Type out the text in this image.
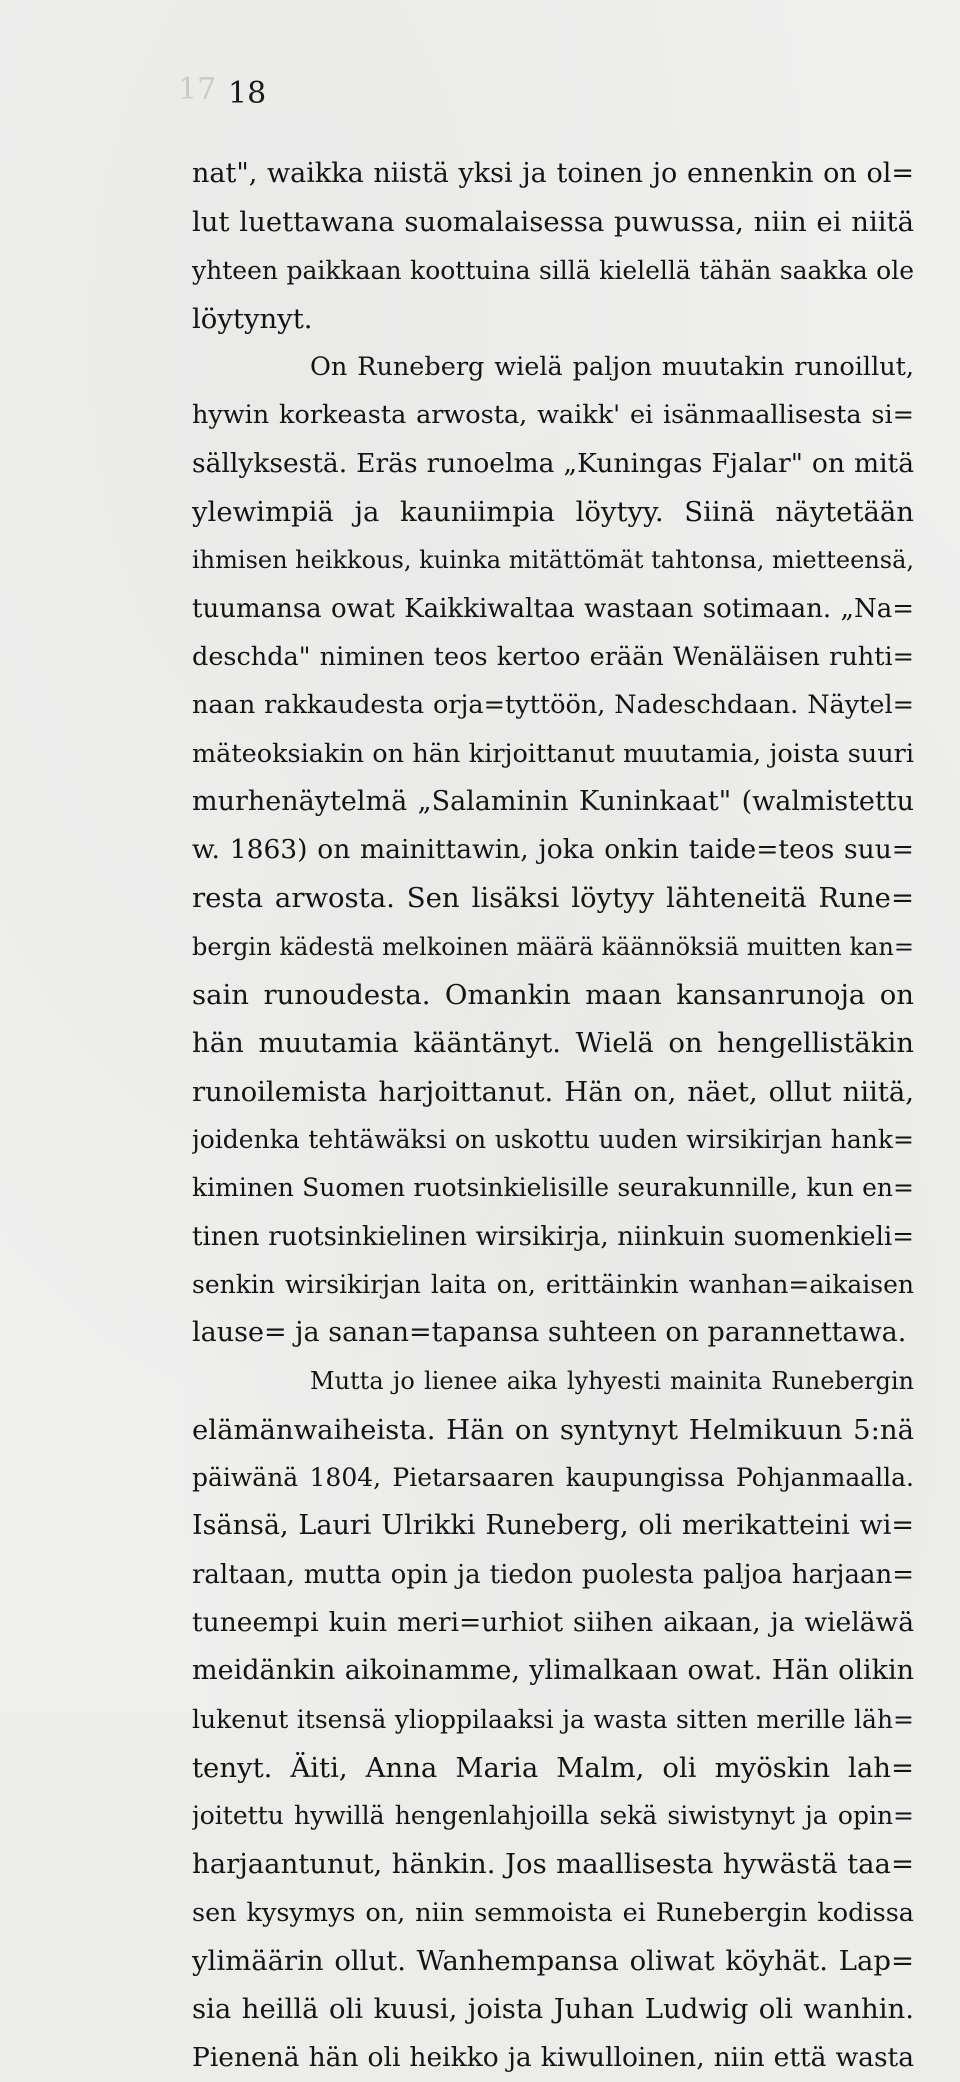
17 18
nat", waikka niistä yksi ja toinen jo ennenkin on ol=
lut luettawana suomalaisessa puwussa, niin ei niitä
yhteen paikkaan koottuina sillä kielellä tähän saakka ole
löytynyt.
On Runeberg wielä paljon muutakin runoillut,
hywin korkeasta arwosta, waikk' ei isänmaallisesta si=
sällyksestä. Eräs runoelma „Kuningas Fjalar" on mitä
ylewimpiä ja kauniimpia löytyy. Siinä näytetään
ihmisen heikkous, kuinka mitättömät tahtonsa, mietteensä,
tuumansa owat Kaikkiwaltaa wastaan sotimaan. „Na=
deschda" niminen teos kertoo erään Wenäläisen ruhti=
naan rakkaudesta orja=tyttöön, Nadeschdaan. Näytel=
mäteoksiakin on hän kirjoittanut muutamia, joista suuri
murhenäytelmä „Salaminin Kuninkaat" (walmistettu
w. 1863) on mainittawin, joka onkin taide=teos suu=
resta arwosta. Sen lisäksi löytyy lähteneitä Rune=
bergin kädestä melkoinen määrä käännöksiä muitten kan=
sain runoudesta. Omankin maan kansanrunoja on
hän muutamia kääntänyt. Wielä on hengellistäkin
runoilemista harjoittanut. Hän on, näet, ollut niitä,
joidenka tehtäwäksi on uskottu uuden wirsikirjan hank=
kiminen Suomen ruotsinkielisille seurakunnille, kun en=
tinen ruotsinkielinen wirsikirja, niinkuin suomenkieli=
senkin wirsikirjan laita on, erittäinkin wanhan=aikaisen
lause= ja sanan=tapansa suhteen on parannettawa.
Mutta jo lienee aika lyhyesti mainita Runebergin
elämänwaiheista. Hän on syntynyt Helmikuun 5:nä
päiwänä 1804, Pietarsaaren kaupungissa Pohjanmaalla.
Isänsä, Lauri Ulrikki Runeberg, oli merikatteini wi=
raltaan, mutta opin ja tiedon puolesta paljoa harjaan=
tuneempi kuin meri=urhiot siihen aikaan, ja wieläwä
meidänkin aikoinamme, ylimalkaan owat. Hän olikin
lukenut itsensä ylioppilaaksi ja wasta sitten merille läh=
tenyt. Äiti, Anna Maria Malm, oli myöskin lah=
joitettu hywillä hengenlahjoilla sekä siwistynyt ja opin=
harjaantunut, hänkin. Jos maallisesta hywästä taa=
sen kysymys on, niin semmoista ei Runebergin kodissa
ylimäärin ollut. Wanhempansa oliwat köyhät. Lap=
sia heillä oli kuusi, joista Juhan Ludwig oli wanhin.
Pienenä hän oli heikko ja kiwulloinen, niin että wasta
